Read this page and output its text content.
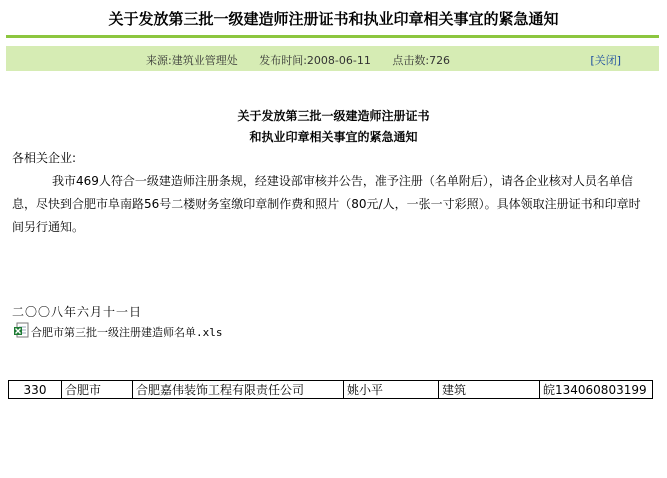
关于发放第三批一级建造师注册证书和执业印章相关事宜的紧急通知
来源:建筑业管理处 发布时间:2008-06-11 点击数:726	[关闭]
关于发放第三批一级建造师注册证书
和执业印章相关事宜的紧急通知
各相关企业:
我市469人符合一级建造师注册条规，经建设部审核并公告，准予注册（名单附后），请各企业核对人员名单信息，尽快到合肥市阜南路56号二楼财务室缴印章制作费和照片（80元/人，一张一寸彩照）。具体领取注册证书和印章时间另行通知。
二〇〇八年六月十一日
合肥市第三批一级注册建造师名单.xls
330	合肥市	合肥嘉伟装饰工程有限责任公司	姚小平	建筑	皖134060803199
